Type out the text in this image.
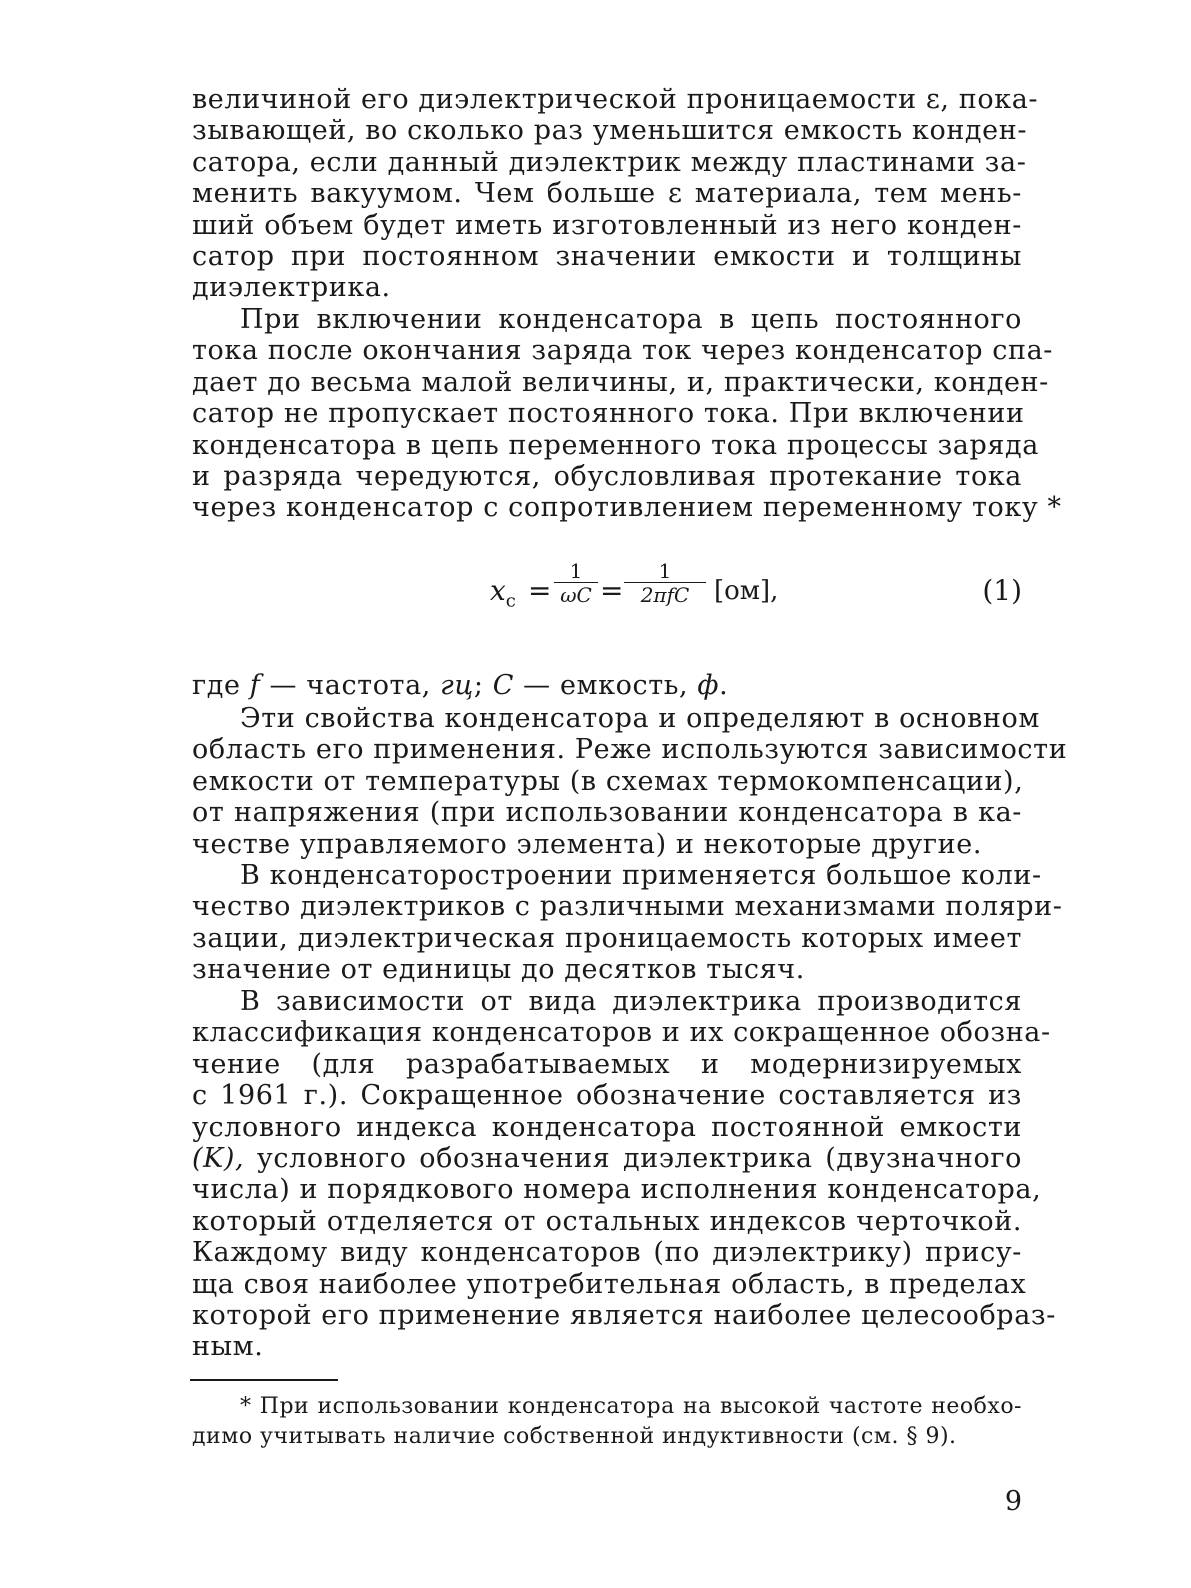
величиной его диэлектрической проницаемости ε, пока-
зывающей, во сколько раз уменьшится емкость конден-
сатора, если данный диэлектрик между пластинами за-
менить вакуумом. Чем больше ε материала, тем мень-
ший объем будет иметь изготовленный из него конден-
сатор при постоянном значении емкости и толщины
диэлектрика.
При включении конденсатора в цепь постоянного
тока после окончания заряда ток через конденсатор спа-
дает до весьма малой величины, и, практически, конден-
сатор не пропускает постоянного тока. При включении
конденсатора в цепь переменного тока процессы заряда
и разряда чередуются, обусловливая протекание тока
через конденсатор с сопротивлением переменному току *
$x_с = \frac{1}{\omega C}$ =
1
2πfC [ом],	(1)
где f — частота, гц; C — емкость, ф.
Эти свойства конденсатора и определяют в основном
область его применения. Реже используются зависимости
емкости от температуры (в схемах термокомпенсации),
от напряжения (при использовании конденсатора в ка-
честве управляемого элемента) и некоторые другие.
В конденсаторостроении применяется большое коли-
чество диэлектриков с различными механизмами поляри-
зации, диэлектрическая проницаемость которых имеет
значение от единицы до десятков тысяч.
В зависимости от вида диэлектрика производится
классификация конденсаторов и их сокращенное обозна-
чение (для разрабатываемых и модернизируемых
с 1961 г.). Сокращенное обозначение составляется из
условного индекса конденсатора постоянной емкости
(K), условного обозначения диэлектрика (двузначного
числа) и порядкового номера исполнения конденсатора,
который отделяется от остальных индексов черточкой.
Каждому виду конденсаторов (по диэлектрику) прису-
ща своя наиболее употребительная область, в пределах
которой его применение является наиболее целесообраз-
ным.
* При использовании конденсатора на высокой частоте необхо-
димо учитывать наличие собственной индуктивности (см. § 9).
9
